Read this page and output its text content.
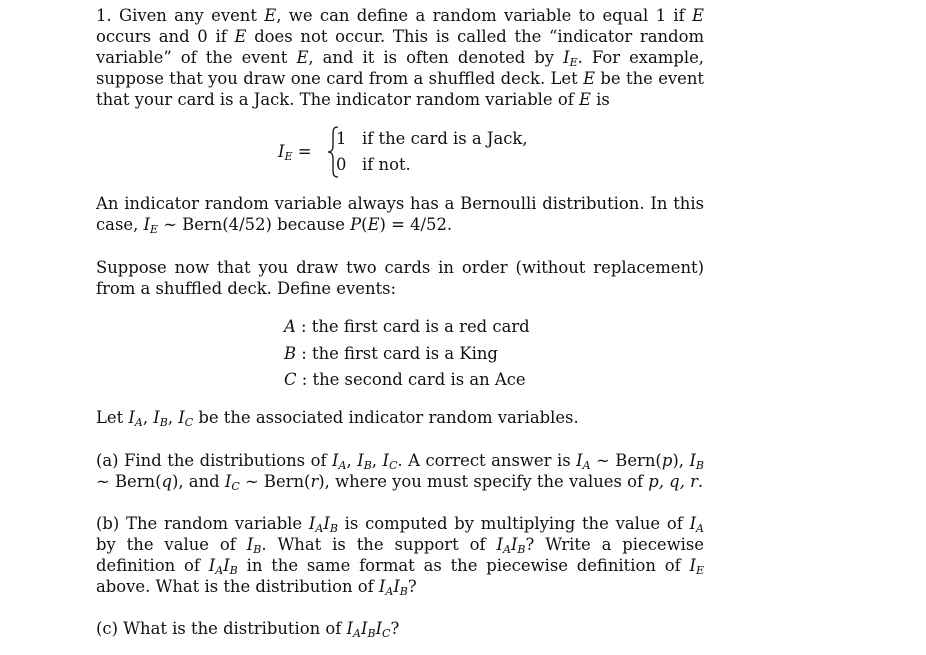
1. Given any event E, we can define a random variable to equal 1 if E occurs and 0 if E does not occur. This is called the “indicator random variable” of the event E, and it is often denoted by $I_E$. For example, suppose that you draw one card from a shuffled deck. Let E be the event that your card is a Jack. The indicator random variable of E is

$I_E$ =
1 if the card is a Jack,
0 if not.

An indicator random variable always has a Bernoulli distribution. In this case, $I_E$ ∼ Bern(4/52) because P(E) = 4/52.

Suppose now that you draw two cards in order (without replacement) from a shuffled deck. Define events:

A : the first card is a red card
B : the first card is a King
C : the second card is an Ace

Let $I_A$, $I_B$, $I_C$ be the associated indicator random variables.

(a) Find the distributions of $I_A$, $I_B$, $I_C$. A correct answer is $I_A$ ∼ Bern(p), $I_B$ ∼ Bern(q), and $I_C$ ∼ Bern(r), where you must specify the values of p, q, r.

(b) The random variable $I_AI_B$ is computed by multiplying the value of $I_A$ by the value of $I_B$. What is the support of $I_AI_B$? Write a piecewise definition of $I_AI_B$ in the same format as the piecewise definition of $I_E$ above. What is the distribution of $I_AI_B$?

(c) What is the distribution of $I_AI_BI_C$?
